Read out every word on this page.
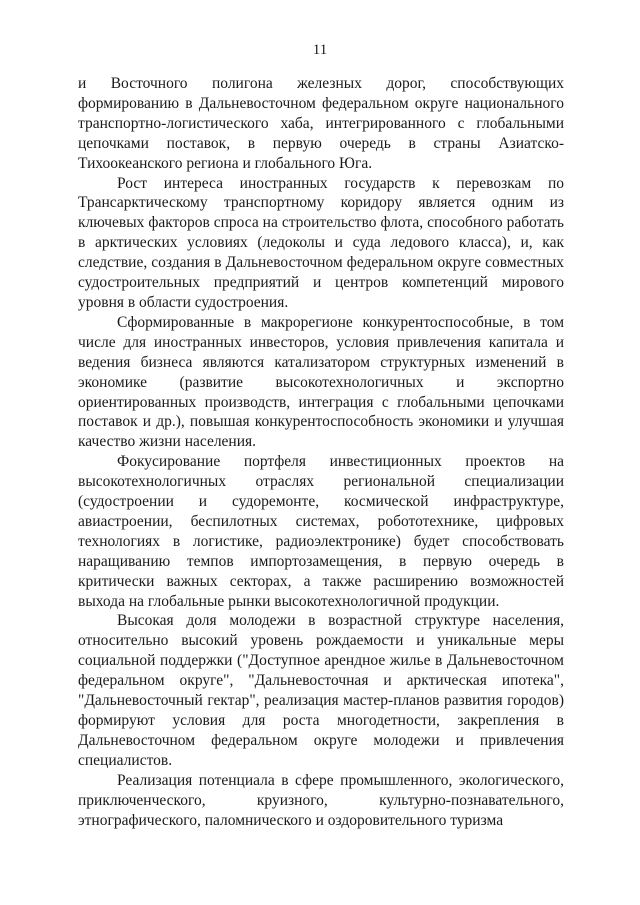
11

и Восточного полигона железных дорог, способствующих формированию в Дальневосточном федеральном округе национального транспортно-логистического хаба, интегрированного с глобальными цепочками поставок, в первую очередь в страны Азиатско-Тихоокеанского региона и глобального Юга.

Рост интереса иностранных государств к перевозкам по Трансарктическому транспортному коридору является одним из ключевых факторов спроса на строительство флота, способного работать в арктических условиях (ледоколы и суда ледового класса), и, как следствие, создания в Дальневосточном федеральном округе совместных судостроительных предприятий и центров компетенций мирового уровня в области судостроения.

Сформированные в макрорегионе конкурентоспособные, в том числе для иностранных инвесторов, условия привлечения капитала и ведения бизнеса являются катализатором структурных изменений в экономике (развитие высокотехнологичных и экспортно ориентированных производств, интеграция с глобальными цепочками поставок и др.), повышая конкурентоспособность экономики и улучшая качество жизни населения.

Фокусирование портфеля инвестиционных проектов на высокотехнологичных отраслях региональной специализации (судостроении и судоремонте, космической инфраструктуре, авиастроении, беспилотных системах, робототехнике, цифровых технологиях в логистике, радиоэлектронике) будет способствовать наращиванию темпов импортозамещения, в первую очередь в критически важных секторах, а также расширению возможностей выхода на глобальные рынки высокотехнологичной продукции.

Высокая доля молодежи в возрастной структуре населения, относительно высокий уровень рождаемости и уникальные меры социальной поддержки ("Доступное арендное жилье в Дальневосточном федеральном округе", "Дальневосточная и арктическая ипотека", "Дальневосточный гектар", реализация мастер-планов развития городов) формируют условия для роста многодетности, закрепления в Дальневосточном федеральном округе молодежи и привлечения специалистов.

Реализация потенциала в сфере промышленного, экологического, приключенческого, круизного, культурно-познавательного, этнографического, паломнического и оздоровительного туризма
